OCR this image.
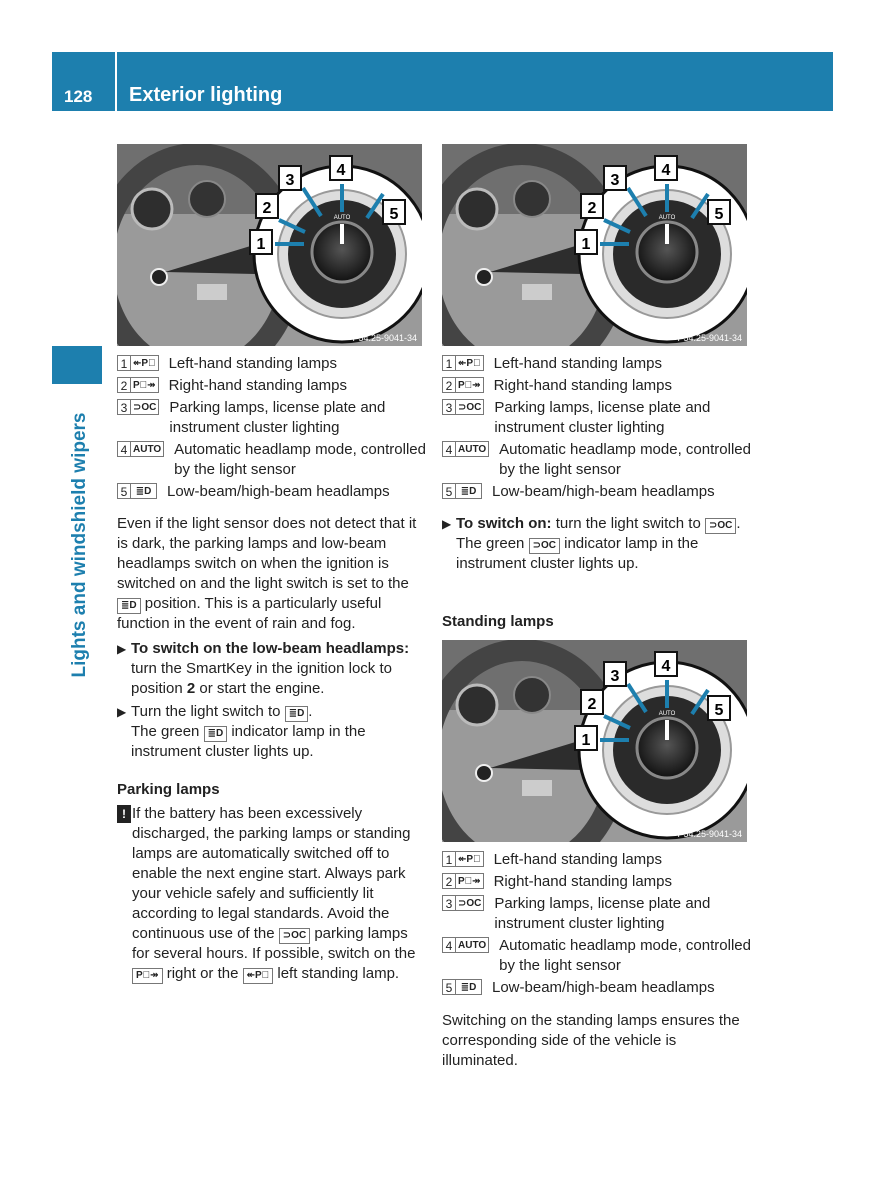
128 Exterior lighting
Lights and windshield wipers
AUTO
4
3
2
1
5
P54.25-9041-34
AUTO
4
3
2
1
5
P54.25-9041-34
AUTO
4
3
2
1
5
P54.25-9041-34
1 ↞P⃨ Left-hand standing lamps
2 P⃨↠ Right-hand standing lamps
3 ⊃OC Parking lamps, license plate and instrument cluster lighting
4 AUTO Automatic headlamp mode, controlled by the light sensor
5 ≣D	Low-beam/high-beam headlamps
1 ↞P⃨ Left-hand standing lamps
2 P⃨↠ Right-hand standing lamps
3 ⊃OC Parking lamps, license plate and instrument cluster lighting
4 AUTO Automatic headlamp mode, controlled by the light sensor
5 ≣D	Low-beam/high-beam headlamps
1 ↞P⃨ Left-hand standing lamps
2 P⃨↠ Right-hand standing lamps
3 ⊃OC Parking lamps, license plate and instrument cluster lighting
4 AUTO Automatic headlamp mode, controlled by the light sensor
5 ≣D	Low-beam/high-beam headlamps

Even if the light sensor does not detect that it is dark, the parking lamps and low-beam headlamps switch on when the ignition is switched on and the light switch is set to the ≣D position. This is a particularly useful function in the event of rain and fog.

▶ To switch on the low-beam headlamps: turn the SmartKey in the ignition lock to position 2 or start the engine.
▶ Turn the light switch to ≣D .
The green ≣D indicator lamp in the instrument cluster lights up.
Parking lamps
! If the battery has been excessively discharged, the parking lamps or standing lamps are automatically switched off to enable the next engine start. Always park your vehicle safely and sufficiently lit according to legal standards. Avoid the continuous use of the ⊃OC parking lamps for several hours. If possible, switch on the P⃨↠ right or the ↞P⃨ left standing lamp.
▶ To switch on: turn the light switch to ⊃OC .
The green ⊃OC indicator lamp in the instrument cluster lights up.
Standing lamps

Switching on the standing lamps ensures the corresponding side of the vehicle is illuminated.
